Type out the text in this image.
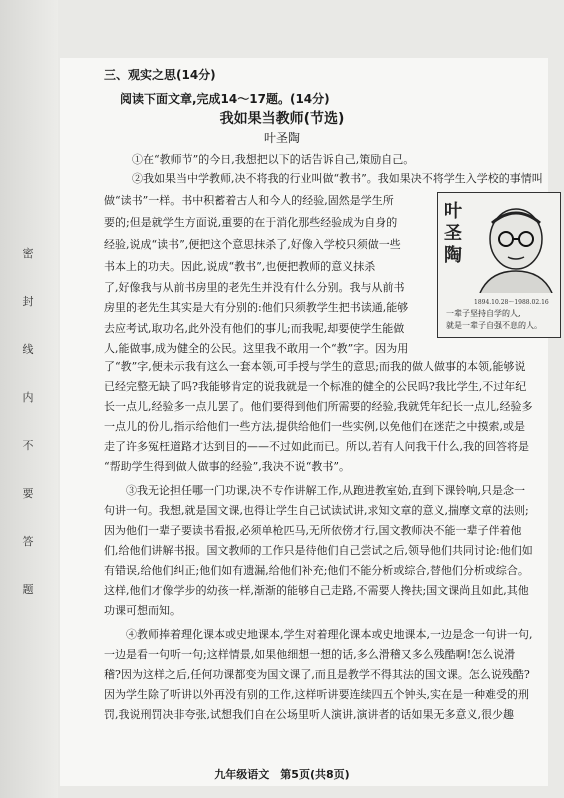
密
封
线
内
不
要
答
题
三、观实之思(14分)
阅读下面文章,完成14～17题。(14分)
我如果当教师(节选)
叶圣陶
叶圣陶
1894.10.28～1988.02.16
一辈子坚持自学的人,
就是一辈子自强不息的人。
①在“教师节”的今日,我想把以下的话告诉自己,策励自己。
②我如果当中学教师,决不将我的行业叫做“教书”。我如果决不将学生入学校的事情叫
做“读书”一样。书中积蓄着古人和今人的经验,固然是学生所
要的;但是就学生方面说,重要的在于消化那些经验成为自身的
经验,说成“读书”,便把这个意思抹杀了,好像入学校只须做一些
书本上的功夫。因此,说成“教书”,也便把教师的意义抹杀
了,好像我与从前书房里的老先生并没有什么分别。我与从前书
房里的老先生其实是大有分别的:他们只须教学生把书读通,能够
去应考试,取功名,此外没有他们的事儿;而我呢,却要使学生能做
人,能做事,成为健全的公民。这里我不敢用一个“教”字。因为用
了“教”字,便未示我有这么一套本领,可手授与学生的意思;而我的做人做事的本领,能够说
已经完整无缺了吗?我能够肯定的说我就是一个标准的健全的公民吗?我比学生,不过年纪
长一点儿,经验多一点儿罢了。他们要得到他们所需要的经验,我就凭年纪长一点儿,经验多
一点儿的份儿,指示给他们一些方法,提供给他们一些实例,以免他们在迷茫之中摸索,或是
走了许多冤枉道路才达到目的——不过如此而已。所以,若有人问我干什么,我的回答将是
“帮助学生得到做人做事的经验”,我决不说“教书”。
③我无论担任哪一门功课,决不专作讲解工作,从跑进教室始,直到下课铃响,只是念一
句讲一句。我想,就是国文课,也得让学生自己试读试讲,求知文章的意义,揣摩文章的法则;
因为他们一辈子要读书看报,必须单枪匹马,无所依傍才行,国文教师决不能一辈子伴着他
们,给他们讲解书报。国文教师的工作只是待他们自己尝试之后,领导他们共同讨论:他们如
有错误,给他们纠正;他们如有遗漏,给他们补充;他们不能分析或综合,替他们分析或综合。
这样,他们才像学步的幼孩一样,渐渐的能够自己走路,不需要人搀扶;国文课尚且如此,其他
功课可想而知。
④教师捧着理化课本或史地课本,学生对着理化课本或史地课本,一边是念一句讲一句,
一边是看一句听一句;这样情景,如果他细想一想的话,多么滑稽又多么残酷啊!怎么说滑
稽?因为这样之后,任何功课都变为国文课了,而且是教学不得其法的国文课。怎么说残酷?
因为学生除了听讲以外再没有别的工作,这样听讲要连续四五个钟头,实在是一种难受的刑
罚,我说刑罚决非夸张,试想我们自在公场里听人演讲,演讲者的话如果无多意义,很少趣
九年级语文　第5页(共8页)
